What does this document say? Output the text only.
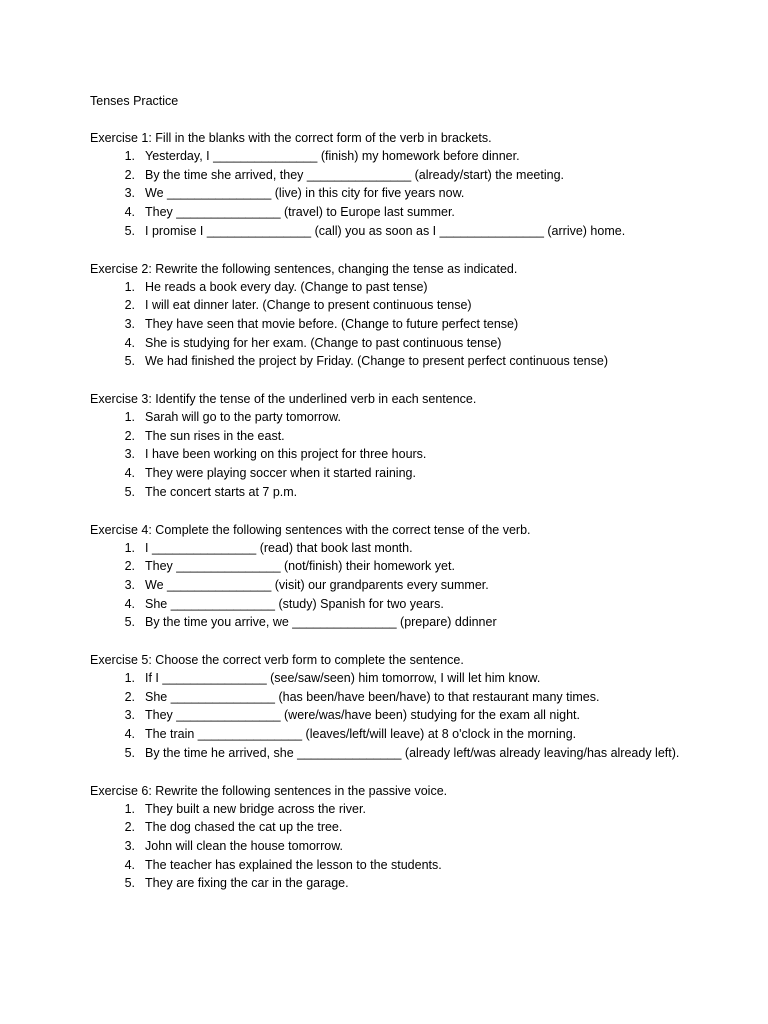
Tenses Practice

Exercise 1: Fill in the blanks with the correct form of the verb in brackets.

1. Yesterday, I _______________ (finish) my homework before dinner.
2. By the time she arrived, they _______________ (already/start) the meeting.
3. We _______________ (live) in this city for five years now.
4. They _______________ (travel) to Europe last summer.
5. I promise I _______________ (call) you as soon as I _______________ (arrive) home.

Exercise 2: Rewrite the following sentences, changing the tense as indicated.

1. He reads a book every day. (Change to past tense)
2. I will eat dinner later. (Change to present continuous tense)
3. They have seen that movie before. (Change to future perfect tense)
4. She is studying for her exam. (Change to past continuous tense)
5. We had finished the project by Friday. (Change to present perfect continuous tense)

Exercise 3: Identify the tense of the underlined verb in each sentence.

1. Sarah will go to the party tomorrow.
2. The sun rises in the east.
3. I have been working on this project for three hours.
4. They were playing soccer when it started raining.
5. The concert starts at 7 p.m.

Exercise 4: Complete the following sentences with the correct tense of the verb.

1. I _______________ (read) that book last month.
2. They _______________ (not/finish) their homework yet.
3. We _______________ (visit) our grandparents every summer.
4. She _______________ (study) Spanish for two years.
5. By the time you arrive, we _______________ (prepare) ddinner

Exercise 5: Choose the correct verb form to complete the sentence.

1. If I _______________ (see/saw/seen) him tomorrow, I will let him know.
2. She _______________ (has been/have been/have) to that restaurant many times.
3. They _______________ (were/was/have been) studying for the exam all night.
4. The train _______________ (leaves/left/will leave) at 8 o'clock in the morning.
5. By the time he arrived, she _______________ (already left/was already leaving/has already left).

Exercise 6: Rewrite the following sentences in the passive voice.

1. They built a new bridge across the river.
2. The dog chased the cat up the tree.
3. John will clean the house tomorrow.
4. The teacher has explained the lesson to the students.
5. They are fixing the car in the garage.
